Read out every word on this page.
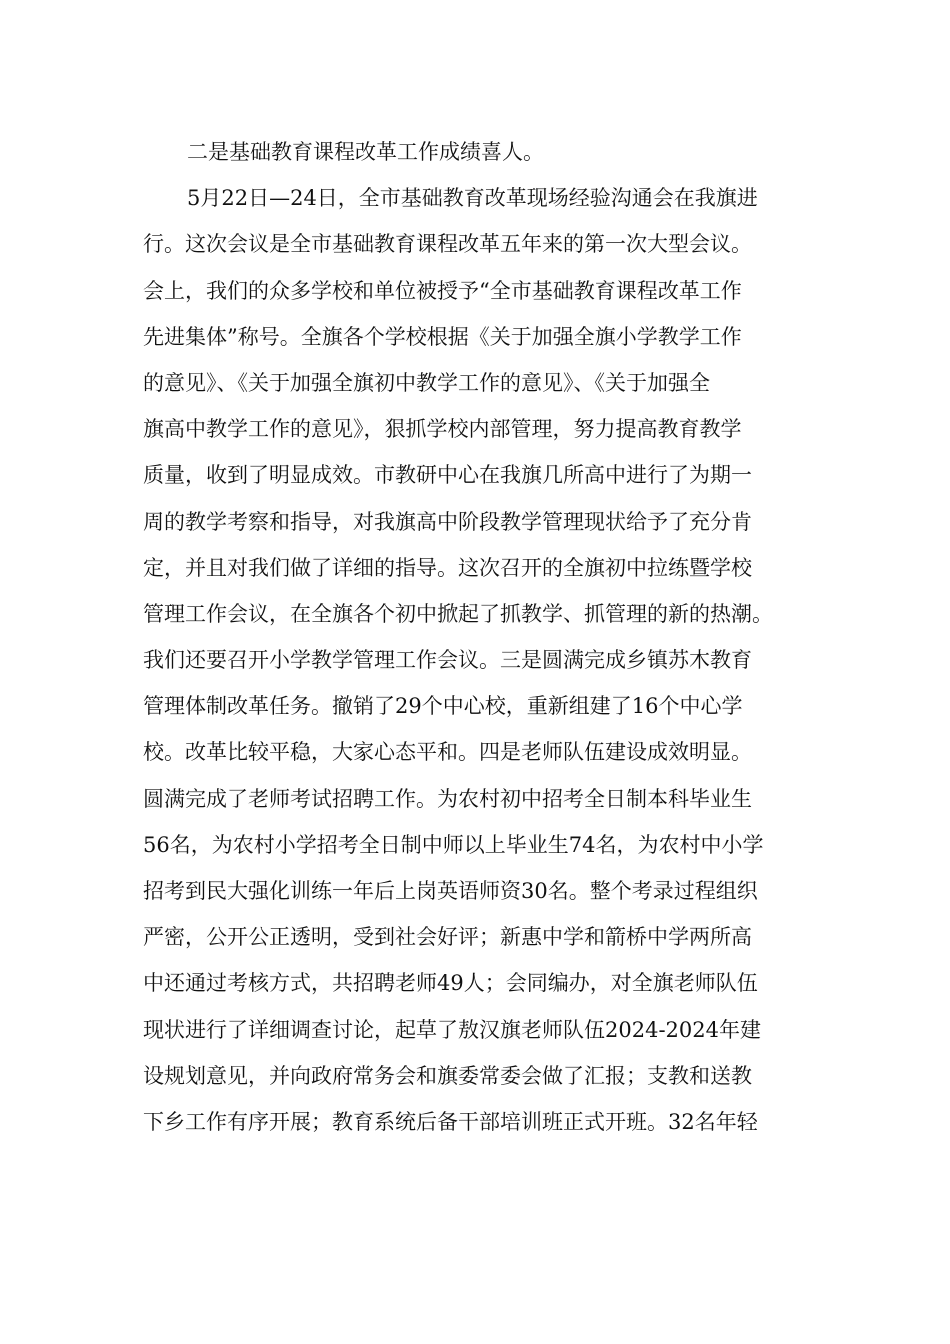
二是基础教育课程改革工作成绩喜人。
5月22日—24日，全市基础教育改革现场经验沟通会在我旗进
行。这次会议是全市基础教育课程改革五年来的第一次大型会议。
会上，我们的众多学校和单位被授予“全市基础教育课程改革工作
先进集体”称号。全旗各个学校根据《关于加强全旗小学教学工作
的意见》、《关于加强全旗初中教学工作的意见》、《关于加强全
旗高中教学工作的意见》，狠抓学校内部管理，努力提高教育教学
质量，收到了明显成效。市教研中心在我旗几所高中进行了为期一
周的教学考察和指导，对我旗高中阶段教学管理现状给予了充分肯
定，并且对我们做了详细的指导。这次召开的全旗初中拉练暨学校
管理工作会议，在全旗各个初中掀起了抓教学、抓管理的新的热潮。
我们还要召开小学教学管理工作会议。三是圆满完成乡镇苏木教育
管理体制改革任务。撤销了29个中心校，重新组建了16个中心学
校。改革比较平稳，大家心态平和。四是老师队伍建设成效明显。
圆满完成了老师考试招聘工作。为农村初中招考全日制本科毕业生
56名，为农村小学招考全日制中师以上毕业生74名，为农村中小学
招考到民大强化训练一年后上岗英语师资30名。整个考录过程组织
严密，公开公正透明，受到社会好评；新惠中学和箭桥中学两所高
中还通过考核方式，共招聘老师49人；会同编办，对全旗老师队伍
现状进行了详细调查讨论，起草了敖汉旗老师队伍2024-2024年建
设规划意见，并向政府常务会和旗委常委会做了汇报；支教和送教
下乡工作有序开展；教育系统后备干部培训班正式开班。32名年轻
